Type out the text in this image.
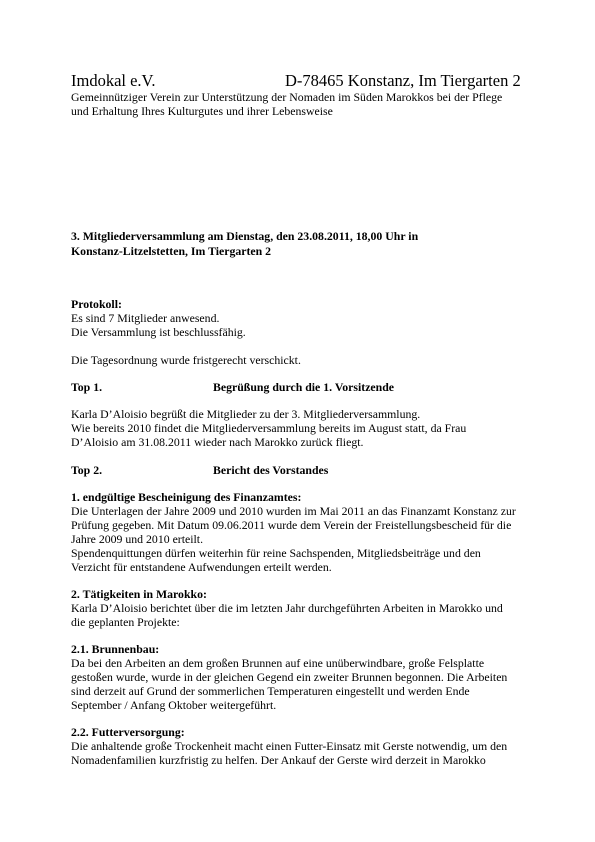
Imdokal e.V.	D-78465 Konstanz, Im Tiergarten 2
Gemeinnütziger Verein zur Unterstützung der Nomaden im Süden Marokkos bei der Pflege
und Erhaltung Ihres Kulturgutes und ihrer Lebensweise
3. Mitgliederversammlung am Dienstag, den 23.08.2011, 18,00 Uhr in
Konstanz-Litzelstetten, Im Tiergarten 2
Protokoll:
Es sind 7 Mitglieder anwesend.
Die Versammlung ist beschlussfähig.
Die Tagesordnung wurde fristgerecht verschickt.
Top 1.	Begrüßung durch die 1. Vorsitzende
Karla D’Aloisio begrüßt die Mitglieder zu der 3. Mitgliederversammlung.
Wie bereits 2010 findet die Mitgliederversammlung bereits im August statt, da Frau
D’Aloisio am 31.08.2011 wieder nach Marokko zurück fliegt.
Top 2.	Bericht des Vorstandes
1. endgültige Bescheinigung des Finanzamtes:
Die Unterlagen der Jahre 2009 und 2010 wurden im Mai 2011 an das Finanzamt Konstanz zur
Prüfung gegeben. Mit Datum 09.06.2011 wurde dem Verein der Freistellungsbescheid für die
Jahre 2009 und 2010 erteilt.
Spendenquittungen dürfen weiterhin für reine Sachspenden, Mitgliedsbeiträge und den
Verzicht für entstandene Aufwendungen erteilt werden.
2. Tätigkeiten in Marokko:
Karla D’Aloisio berichtet über die im letzten Jahr durchgeführten Arbeiten in Marokko und
die geplanten Projekte:
2.1. Brunnenbau:
Da bei den Arbeiten an dem großen Brunnen auf eine unüberwindbare, große Felsplatte
gestoßen wurde, wurde in der gleichen Gegend ein zweiter Brunnen begonnen. Die Arbeiten
sind derzeit auf Grund der sommerlichen Temperaturen eingestellt und werden Ende
September / Anfang Oktober weitergeführt.
2.2. Futterversorgung:
Die anhaltende große Trockenheit macht einen Futter-Einsatz mit Gerste notwendig, um den
Nomadenfamilien kurzfristig zu helfen. Der Ankauf der Gerste wird derzeit in Marokko
